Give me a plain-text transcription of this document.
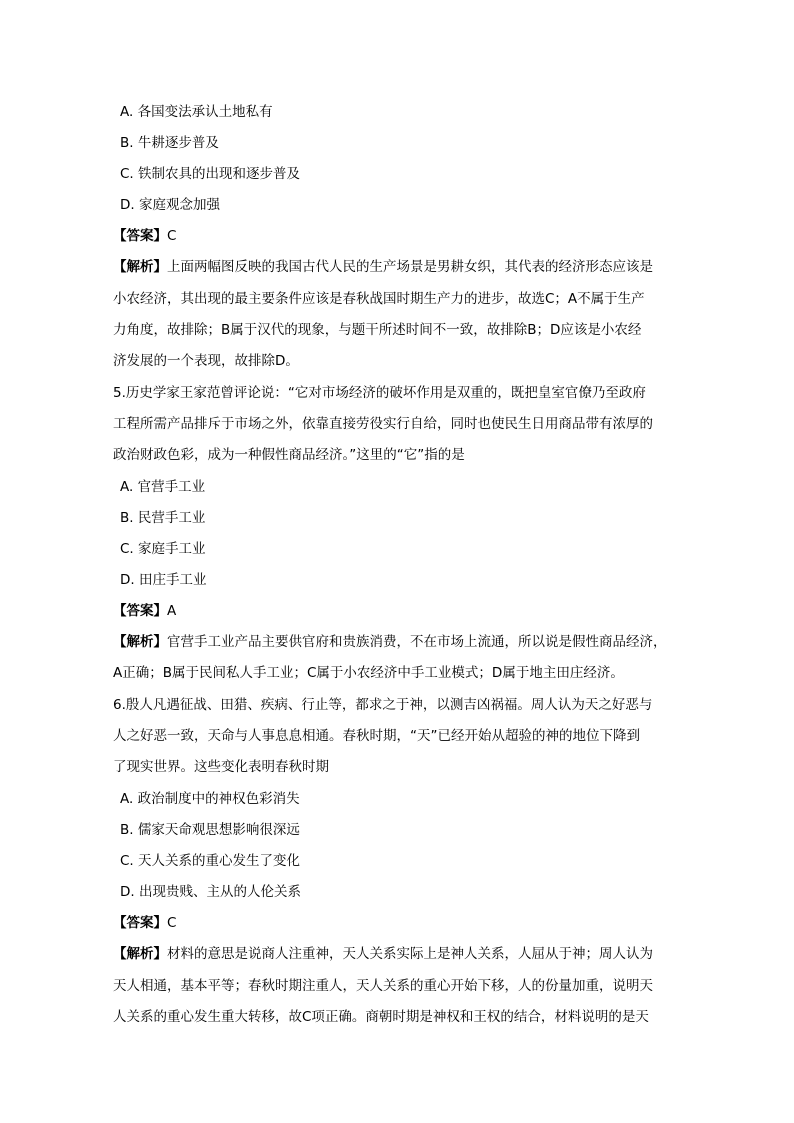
A. 各国变法承认土地私有
B. 牛耕逐步普及
C. 铁制农具的出现和逐步普及
D. 家庭观念加强
【答案】C
【解析】上面两幅图反映的我国古代人民的生产场景是男耕女织，其代表的经济形态应该是
小农经济，其出现的最主要条件应该是春秋战国时期生产力的进步，故选C；A不属于生产
力角度，故排除；B属于汉代的现象，与题干所述时间不一致，故排除B；D应该是小农经
济发展的一个表现，故排除D。
5.历史学家王家范曾评论说：“它对市场经济的破坏作用是双重的，既把皇室官僚乃至政府
工程所需产品排斥于市场之外，依靠直接劳役实行自给，同时也使民生日用商品带有浓厚的
政治财政色彩，成为一种假性商品经济。”这里的“它”指的是
A. 官营手工业
B. 民营手工业
C. 家庭手工业
D. 田庄手工业
【答案】A
【解析】官营手工业产品主要供官府和贵族消费，不在市场上流通，所以说是假性商品经济，
A正确；B属于民间私人手工业；C属于小农经济中手工业模式；D属于地主田庄经济。
6.殷人凡遇征战、田猎、疾病、行止等，都求之于神，以测吉凶祸福。周人认为天之好恶与
人之好恶一致，天命与人事息息相通。春秋时期，“天”已经开始从超验的神的地位下降到
了现实世界。这些变化表明春秋时期
A. 政治制度中的神权色彩消失
B. 儒家天命观思想影响很深远
C. 天人关系的重心发生了变化
D. 出现贵贱、主从的人伦关系
【答案】C
【解析】材料的意思是说商人注重神，天人关系实际上是神人关系，人屈从于神；周人认为
天人相通，基本平等；春秋时期注重人，天人关系的重心开始下移，人的份量加重，说明天
人关系的重心发生重大转移，故C项正确。商朝时期是神权和王权的结合，材料说明的是天
